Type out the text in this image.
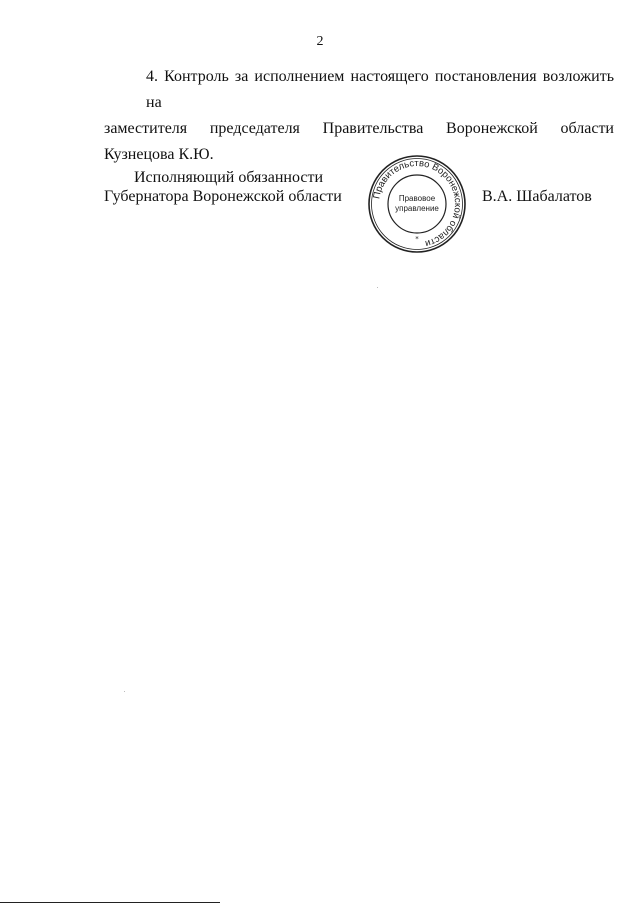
2
4. Контроль за исполнением настоящего постановления возложить на
заместителя председателя Правительства Воронежской области
Кузнецова К.Ю.
Исполняющий обязанности
Губернатора Воронежской области	Правительство Воронежской области
Правовое
управление
*
В.А. Шабалатов
